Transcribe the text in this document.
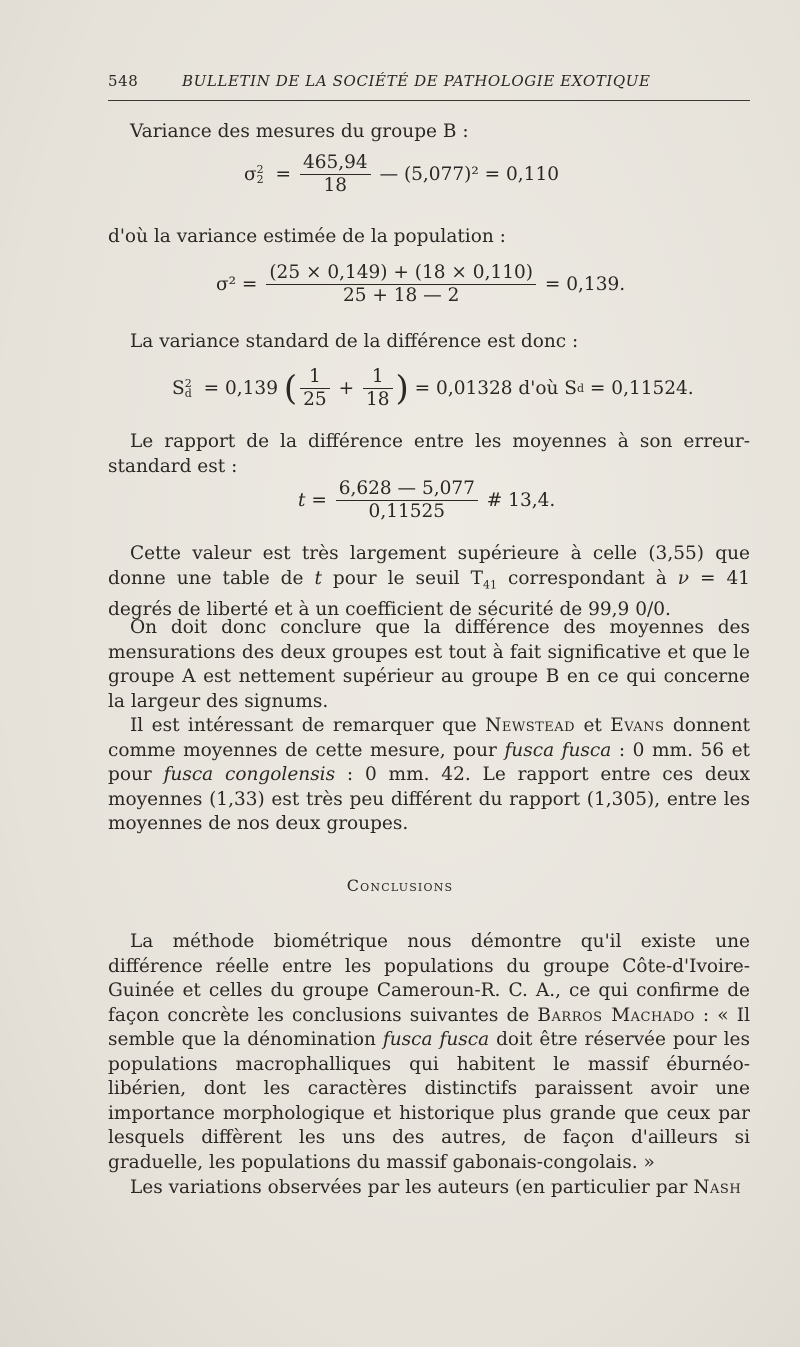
548	BULLETIN DE LA SOCIÉTÉ DE PATHOLOGIE EXOTIQUE
Variance des mesures du groupe B :
σ 2
$2 = \frac{465,94}{18}$ — (5,077)² = 0,110
d'où la variance estimée de la population :
$\sigma^2 = \frac{(25 \times 0,149) + (18 \times 0,110)}{25 + 18 — 2} = 0,139$.
La variance standard de la différence est donc :
S 2
d = 0,139 ( $\frac{1}{25} + \frac{1}{18}$ ) = 0,01328 d'où Sd = 0,11524.
Le rapport de la différence entre les moyennes à son erreur-standard est :
$t = \frac{6,628 — 5,077}{0,11525}$ # 13,4.
Cette valeur est très largement supérieure à celle (3,55) que donne une table de t pour le seuil $T_{41}$ correspondant à ν = 41 degrés de liberté et à un coefficient de sécurité de 99,9 0/0.
On doit donc conclure que la différence des moyennes des mensurations des deux groupes est tout à fait significative et que le groupe A est nettement supérieur au groupe B en ce qui concerne la largeur des signums.
Il est intéressant de remarquer que Newstead et Evans donnent comme moyennes de cette mesure, pour fusca fusca : 0 mm. 56 et pour fusca congolensis : 0 mm. 42. Le rapport entre ces deux moyennes (1,33) est très peu différent du rapport (1,305), entre les moyennes de nos deux groupes.
Conclusions
La méthode biométrique nous démontre qu'il existe une différence réelle entre les populations du groupe Côte-d'Ivoire-Guinée et celles du groupe Cameroun-R. C. A., ce qui confirme de façon concrète les conclusions suivantes de Barros Machado : « Il semble que la dénomination fusca fusca doit être réservée pour les populations macrophalliques qui habitent le massif éburnéo-libérien, dont les caractères distinctifs paraissent avoir une importance morphologique et historique plus grande que ceux par lesquels diffèrent les uns des autres, de façon d'ailleurs si graduelle, les populations du massif gabonais-congolais. »
Les variations observées par les auteurs (en particulier par Nash
